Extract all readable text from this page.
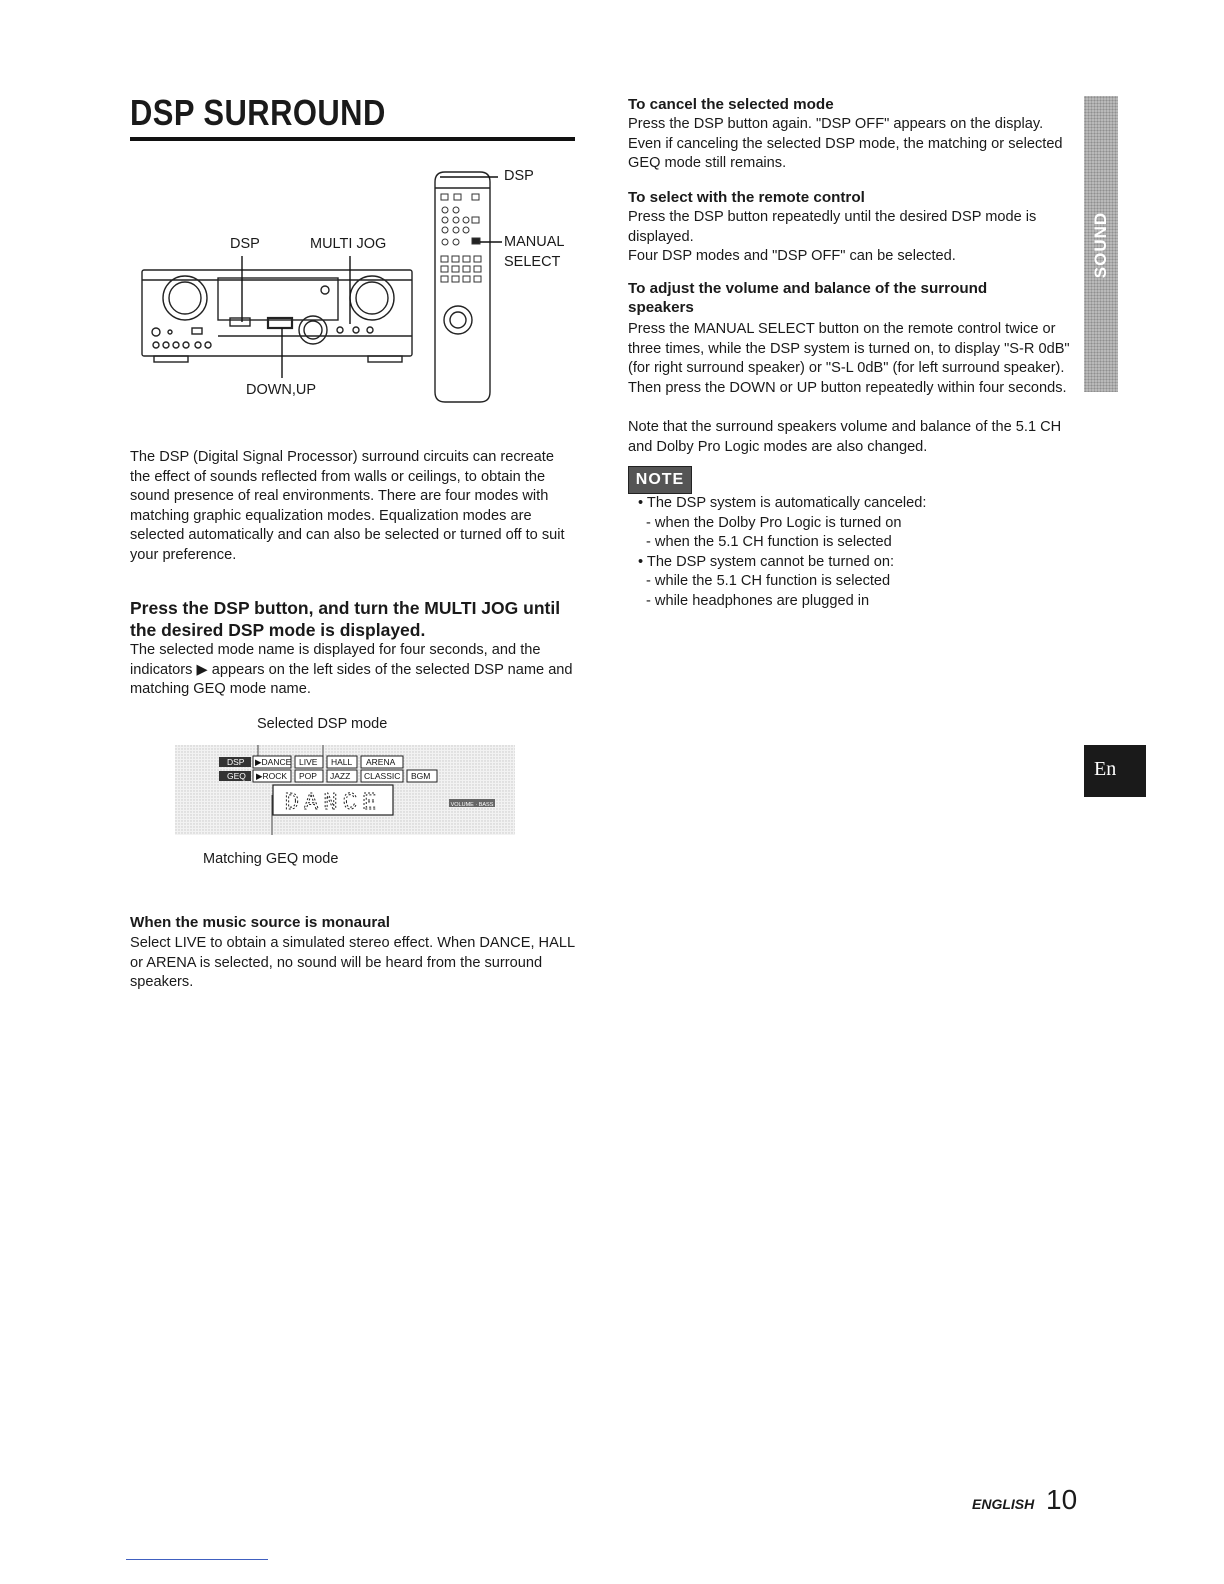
DSP SURROUND
DSP
DSP	MULTI JOG	MANUAL
SELECT
DOWN,UP
The DSP (Digital Signal Processor) surround circuits can recreate the effect of sounds reflected from walls or ceilings, to obtain the sound presence of real environments. There are four modes with matching graphic equalization modes. Equalization modes are selected automatically and can also be selected or turned off to suit your preference.
Press the DSP button, and turn the MULTI JOG until the desired DSP mode is displayed.
The selected mode name is displayed for four seconds, and the indicators ▶ appears on the left sides of the selected DSP name and matching GEQ mode name.
Selected DSP mode
DSP ▶DANCE LIVE HALL ARENA
GEQ ▶ROCK POP JAZZ CLASSIC BGM
DANCE	VOLUME · BASS
Matching GEQ mode
When the music source is monaural
Select LIVE to obtain a simulated stereo effect. When DANCE, HALL or ARENA is selected, no sound will be heard from the surround speakers.
To cancel the selected mode
Press the DSP button again. "DSP OFF" appears on the display. Even if canceling the selected DSP mode, the matching or selected GEQ mode still remains.
To select with the remote control
Press the DSP button repeatedly until the desired DSP mode is displayed.
Four DSP modes and "DSP OFF" can be selected.
To adjust the volume and balance of the surround speakers
Press the MANUAL SELECT button on the remote control twice or three times, while the DSP system is turned on, to display "S-R 0dB" (for right surround speaker) or "S-L 0dB" (for left surround speaker). Then press the DOWN or UP button repeatedly within four seconds.
Note that the surround speakers volume and balance of the 5.1 CH and Dolby Pro Logic modes are also changed.
NOTE
• The DSP system is automatically canceled:
- when the Dolby Pro Logic is turned on
- when the 5.1 CH function is selected
• The DSP system cannot be turned on:
- while the 5.1 CH function is selected
- while headphones are plugged in
SOUND
En
ENGLISH 10
